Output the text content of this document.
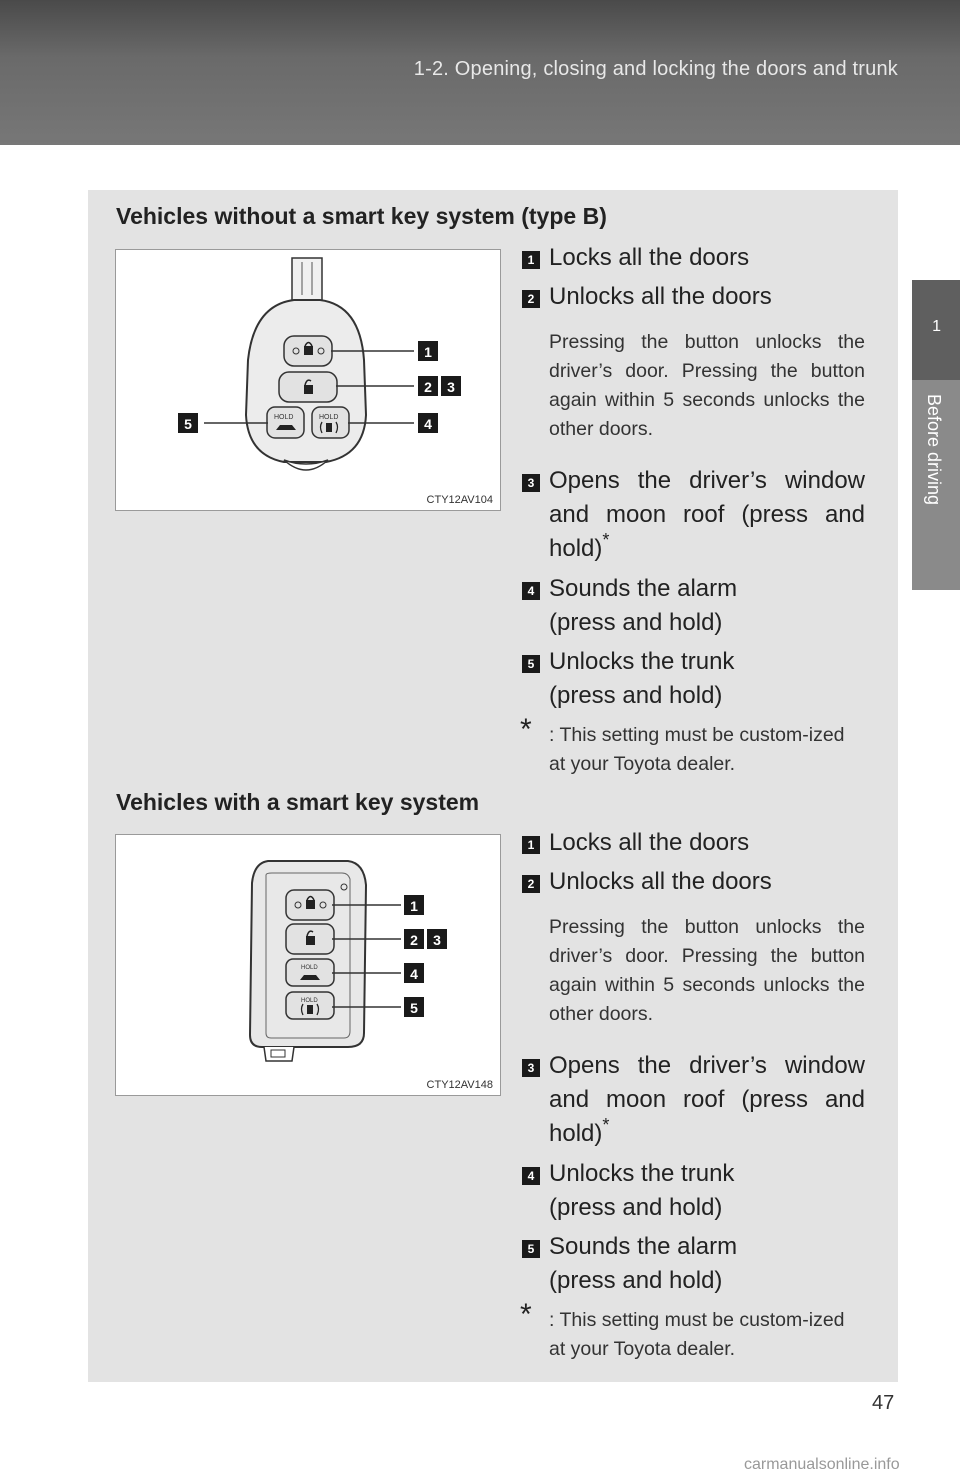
1-2. Opening, closing and locking the doors and trunk
1
Before driving
Vehicles without a smart key system (type B)
HOLD	HOLD
1
2 3
4
5
CTY12AV104
1 Locks all the doors
2 Unlocks all the doors
Pressing the button unlocks the driver’s door. Pressing the button again within 5 seconds unlocks the other doors.
3 Opens the driver’s window
and moon roof (press and
hold)*
4 Sounds the alarm
(press and hold)
5 Unlocks the trunk
(press and hold)
* : This setting must be custom-ized at your Toyota dealer.
Vehicles with a smart key system
HOLD
HOLD
1
2 3
4
5
CTY12AV148
1 Locks all the doors
2 Unlocks all the doors
Pressing the button unlocks the driver’s door. Pressing the button again within 5 seconds unlocks the other doors.
3 Opens the driver’s window
and moon roof (press and
hold)*
4 Unlocks the trunk
(press and hold)
5 Sounds the alarm
(press and hold)
* : This setting must be custom-ized at your Toyota dealer.
47
carmanualsonline.info
